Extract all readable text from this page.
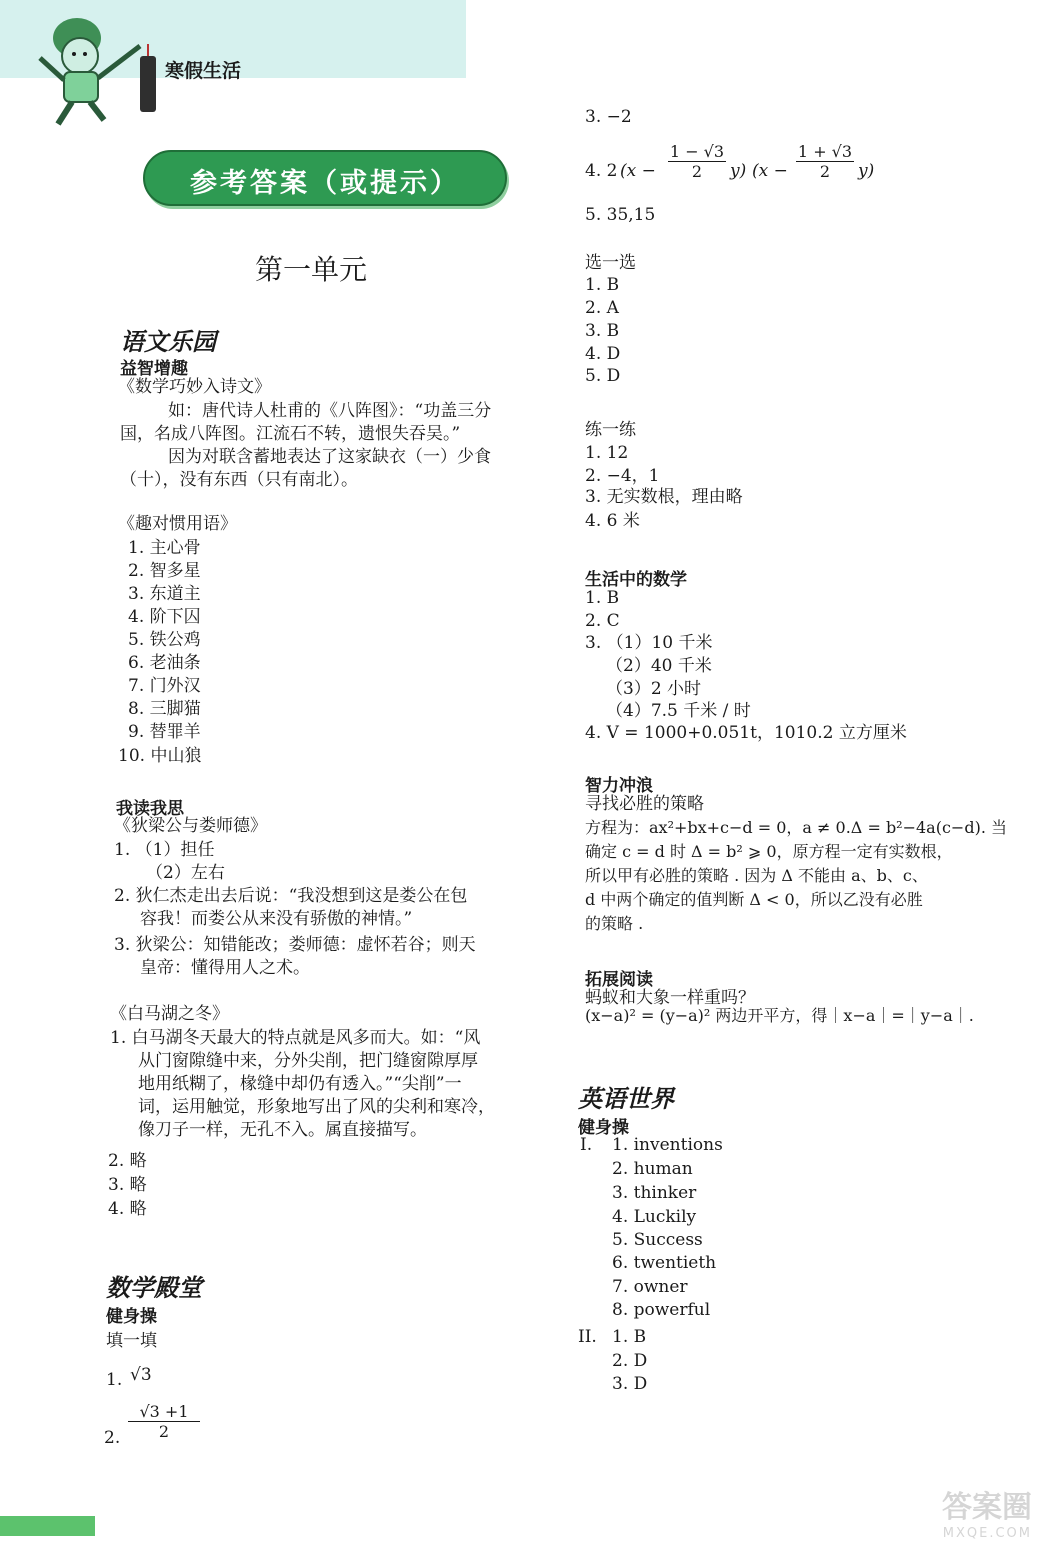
寒假生活
参考答案（或提示）
第一单元
语文乐园
益智增趣
《数学巧妙入诗文》
如：唐代诗人杜甫的《八阵图》：“功盖三分
国，名成八阵图。江流石不转，遗恨失吞吴。”
因为对联含蓄地表达了这家缺衣（一）少食
（十），没有东西（只有南北）。
《趣对惯用语》
1. 主心骨
2. 智多星
3. 东道主
4. 阶下囚
5. 铁公鸡
6. 老油条
7. 门外汉
8. 三脚猫
9. 替罪羊
10. 中山狼
我读我思
《狄梁公与娄师德》
1. （1）担任
（2）左右
2. 狄仁杰走出去后说：“我没想到这是娄公在包
容我！而娄公从来没有骄傲的神情。”
3. 狄梁公：知错能改；娄师德：虚怀若谷；则天
皇帝：懂得用人之术。
《白马湖之冬》
1. 白马湖冬天最大的特点就是风多而大。如：“风
从门窗隙缝中来，分外尖削，把门缝窗隙厚厚
地用纸糊了，椽缝中却仍有透入。”“尖削”一
词，运用触觉，形象地写出了风的尖利和寒冷，
像刀子一样，无孔不入。属直接描写。
2. 略
3. 略
4. 略
数学殿堂
健身操
填一填
1. √3
2. $\frac{√3 +1}{2}$
3. −2
4. 2 $(x - \frac{1 - √3}{2} y)$ $(x - \frac{1 + √3}{2} y)$
5. 35,15
选一选
1. B
2. A
3. B
4. D
5. D
练一练
1. 12
2. −4，1
3. 无实数根，理由略
4. 6 米
生活中的数学
1. B
2. C
3. （1）10 千米
（2）40 千米
（3）2 小时
（4）7.5 千米 / 时
4. V = 1000+0.051t，1010.2 立方厘米
智力冲浪
寻找必胜的策略
方程为：ax²+bx+c−d = 0，a ≠ 0.Δ = b²−4a(c−d). 当
确定 c = d 时 Δ = b² ⩾ 0，原方程一定有实数根，
所以甲有必胜的策略 . 因为 Δ 不能由 a、b、c、
d 中两个确定的值判断 Δ < 0，所以乙没有必胜
的策略 .
拓展阅读
蚂蚁和大象一样重吗？
(x−a)² = (y−a)² 两边开平方，得｜x−a｜=｜y−a｜.
英语世界
健身操
I. 1. inventions
2. human
3. thinker
4. Luckily
5. Success
6. twentieth
7. owner
8. powerful
II. 1. B
2. D
3. D
答案圈
MXQE.COM
